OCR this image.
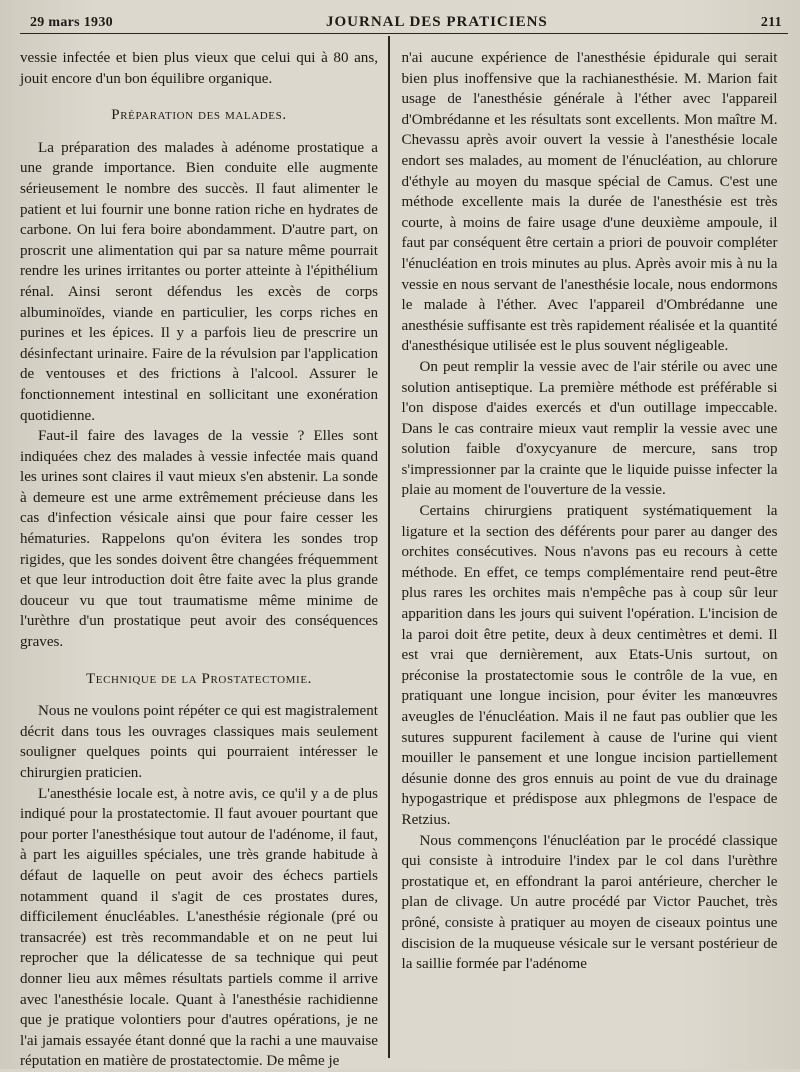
29 mars 1930	JOURNAL DES PRATICIENS	211

vessie infectée et bien plus vieux que celui qui à 80 ans, jouit encore d'un bon équilibre organique.

Préparation des malades.

La préparation des malades à adénome prostatique a une grande importance. Bien conduite elle augmente sérieusement le nombre des succès. Il faut alimenter le patient et lui fournir une bonne ration riche en hydrates de carbone. On lui fera boire abondamment. D'autre part, on proscrit une alimentation qui par sa nature même pourrait rendre les urines irritantes ou porter atteinte à l'épithélium rénal. Ainsi seront défendus les excès de corps albuminoïdes, viande en particulier, les corps riches en purines et les épices. Il y a parfois lieu de prescrire un désinfectant urinaire. Faire de la révulsion par l'application de ventouses et des frictions à l'alcool. Assurer le fonctionnement intestinal en sollicitant une exonération quotidienne.

Faut-il faire des lavages de la vessie ? Elles sont indiquées chez des malades à vessie infectée mais quand les urines sont claires il vaut mieux s'en abstenir. La sonde à demeure est une arme extrêmement précieuse dans les cas d'infection vésicale ainsi que pour faire cesser les hématuries. Rappelons qu'on évitera les sondes trop rigides, que les sondes doivent être changées fréquemment et que leur introduction doit être faite avec la plus grande douceur vu que tout traumatisme même minime de l'urèthre d'un prostatique peut avoir des conséquences graves.

Technique de la Prostatectomie.

Nous ne voulons point répéter ce qui est magistralement décrit dans tous les ouvrages classiques mais seulement souligner quelques points qui pourraient intéresser le chirurgien praticien.

L'anesthésie locale est, à notre avis, ce qu'il y a de plus indiqué pour la prostatectomie. Il faut avouer pourtant que pour porter l'anesthésique tout autour de l'adénome, il faut, à part les aiguilles spéciales, une très grande habitude à défaut de laquelle on peut avoir des échecs partiels notamment quand il s'agit de ces prostates dures, difficilement énucléables. L'anesthésie régionale (pré ou transacrée) est très recommandable et on ne peut lui reprocher que la délicatesse de sa technique qui peut donner lieu aux mêmes résultats partiels comme il arrive avec l'anesthésie locale. Quant à l'anesthésie rachidienne que je pratique volontiers pour d'autres opérations, je ne l'ai jamais essayée étant donné que la rachi a une mauvaise réputation en matière de prostatectomie. De même je

n'ai aucune expérience de l'anesthésie épidurale qui serait bien plus inoffensive que la rachianesthésie. M. Marion fait usage de l'anesthésie générale à l'éther avec l'appareil d'Ombrédanne et les résultats sont excellents. Mon maître M. Chevassu après avoir ouvert la vessie à l'anesthésie locale endort ses malades, au moment de l'énucléation, au chlorure d'éthyle au moyen du masque spécial de Camus. C'est une méthode excellente mais la durée de l'anesthésie est très courte, à moins de faire usage d'une deuxième ampoule, il faut par conséquent être certain a priori de pouvoir compléter l'énucléation en trois minutes au plus. Après avoir mis à nu la vessie en nous servant de l'anesthésie locale, nous endormons le malade à l'éther. Avec l'appareil d'Ombrédanne une anesthésie suffisante est très rapidement réalisée et la quantité d'anesthésique utilisée est le plus souvent négligeable.

On peut remplir la vessie avec de l'air stérile ou avec une solution antiseptique. La première méthode est préférable si l'on dispose d'aides exercés et d'un outillage impeccable. Dans le cas contraire mieux vaut remplir la vessie avec une solution faible d'oxycyanure de mercure, sans trop s'impressionner par la crainte que le liquide puisse infecter la plaie au moment de l'ouverture de la vessie.

Certains chirurgiens pratiquent systématiquement la ligature et la section des déférents pour parer au danger des orchites consécutives. Nous n'avons pas eu recours à cette méthode. En effet, ce temps complémentaire rend peut-être plus rares les orchites mais n'empêche pas à coup sûr leur apparition dans les jours qui suivent l'opération. L'incision de la paroi doit être petite, deux à deux centimètres et demi. Il est vrai que dernièrement, aux Etats-Unis surtout, on préconise la prostatectomie sous le contrôle de la vue, en pratiquant une longue incision, pour éviter les manœuvres aveugles de l'énucléation. Mais il ne faut pas oublier que les sutures suppurent facilement à cause de l'urine qui vient mouiller le pansement et une longue incision partiellement désunie donne des gros ennuis au point de vue du drainage hypogastrique et prédispose aux phlegmons de l'espace de Retzius.

Nous commençons l'énucléation par le procédé classique qui consiste à introduire l'index par le col dans l'urèthre prostatique et, en effondrant la paroi antérieure, chercher le plan de clivage. Un autre procédé par Victor Pauchet, très prôné, consiste à pratiquer au moyen de ciseaux pointus une discision de la muqueuse vésicale sur le versant postérieur de la saillie formée par l'adénome
